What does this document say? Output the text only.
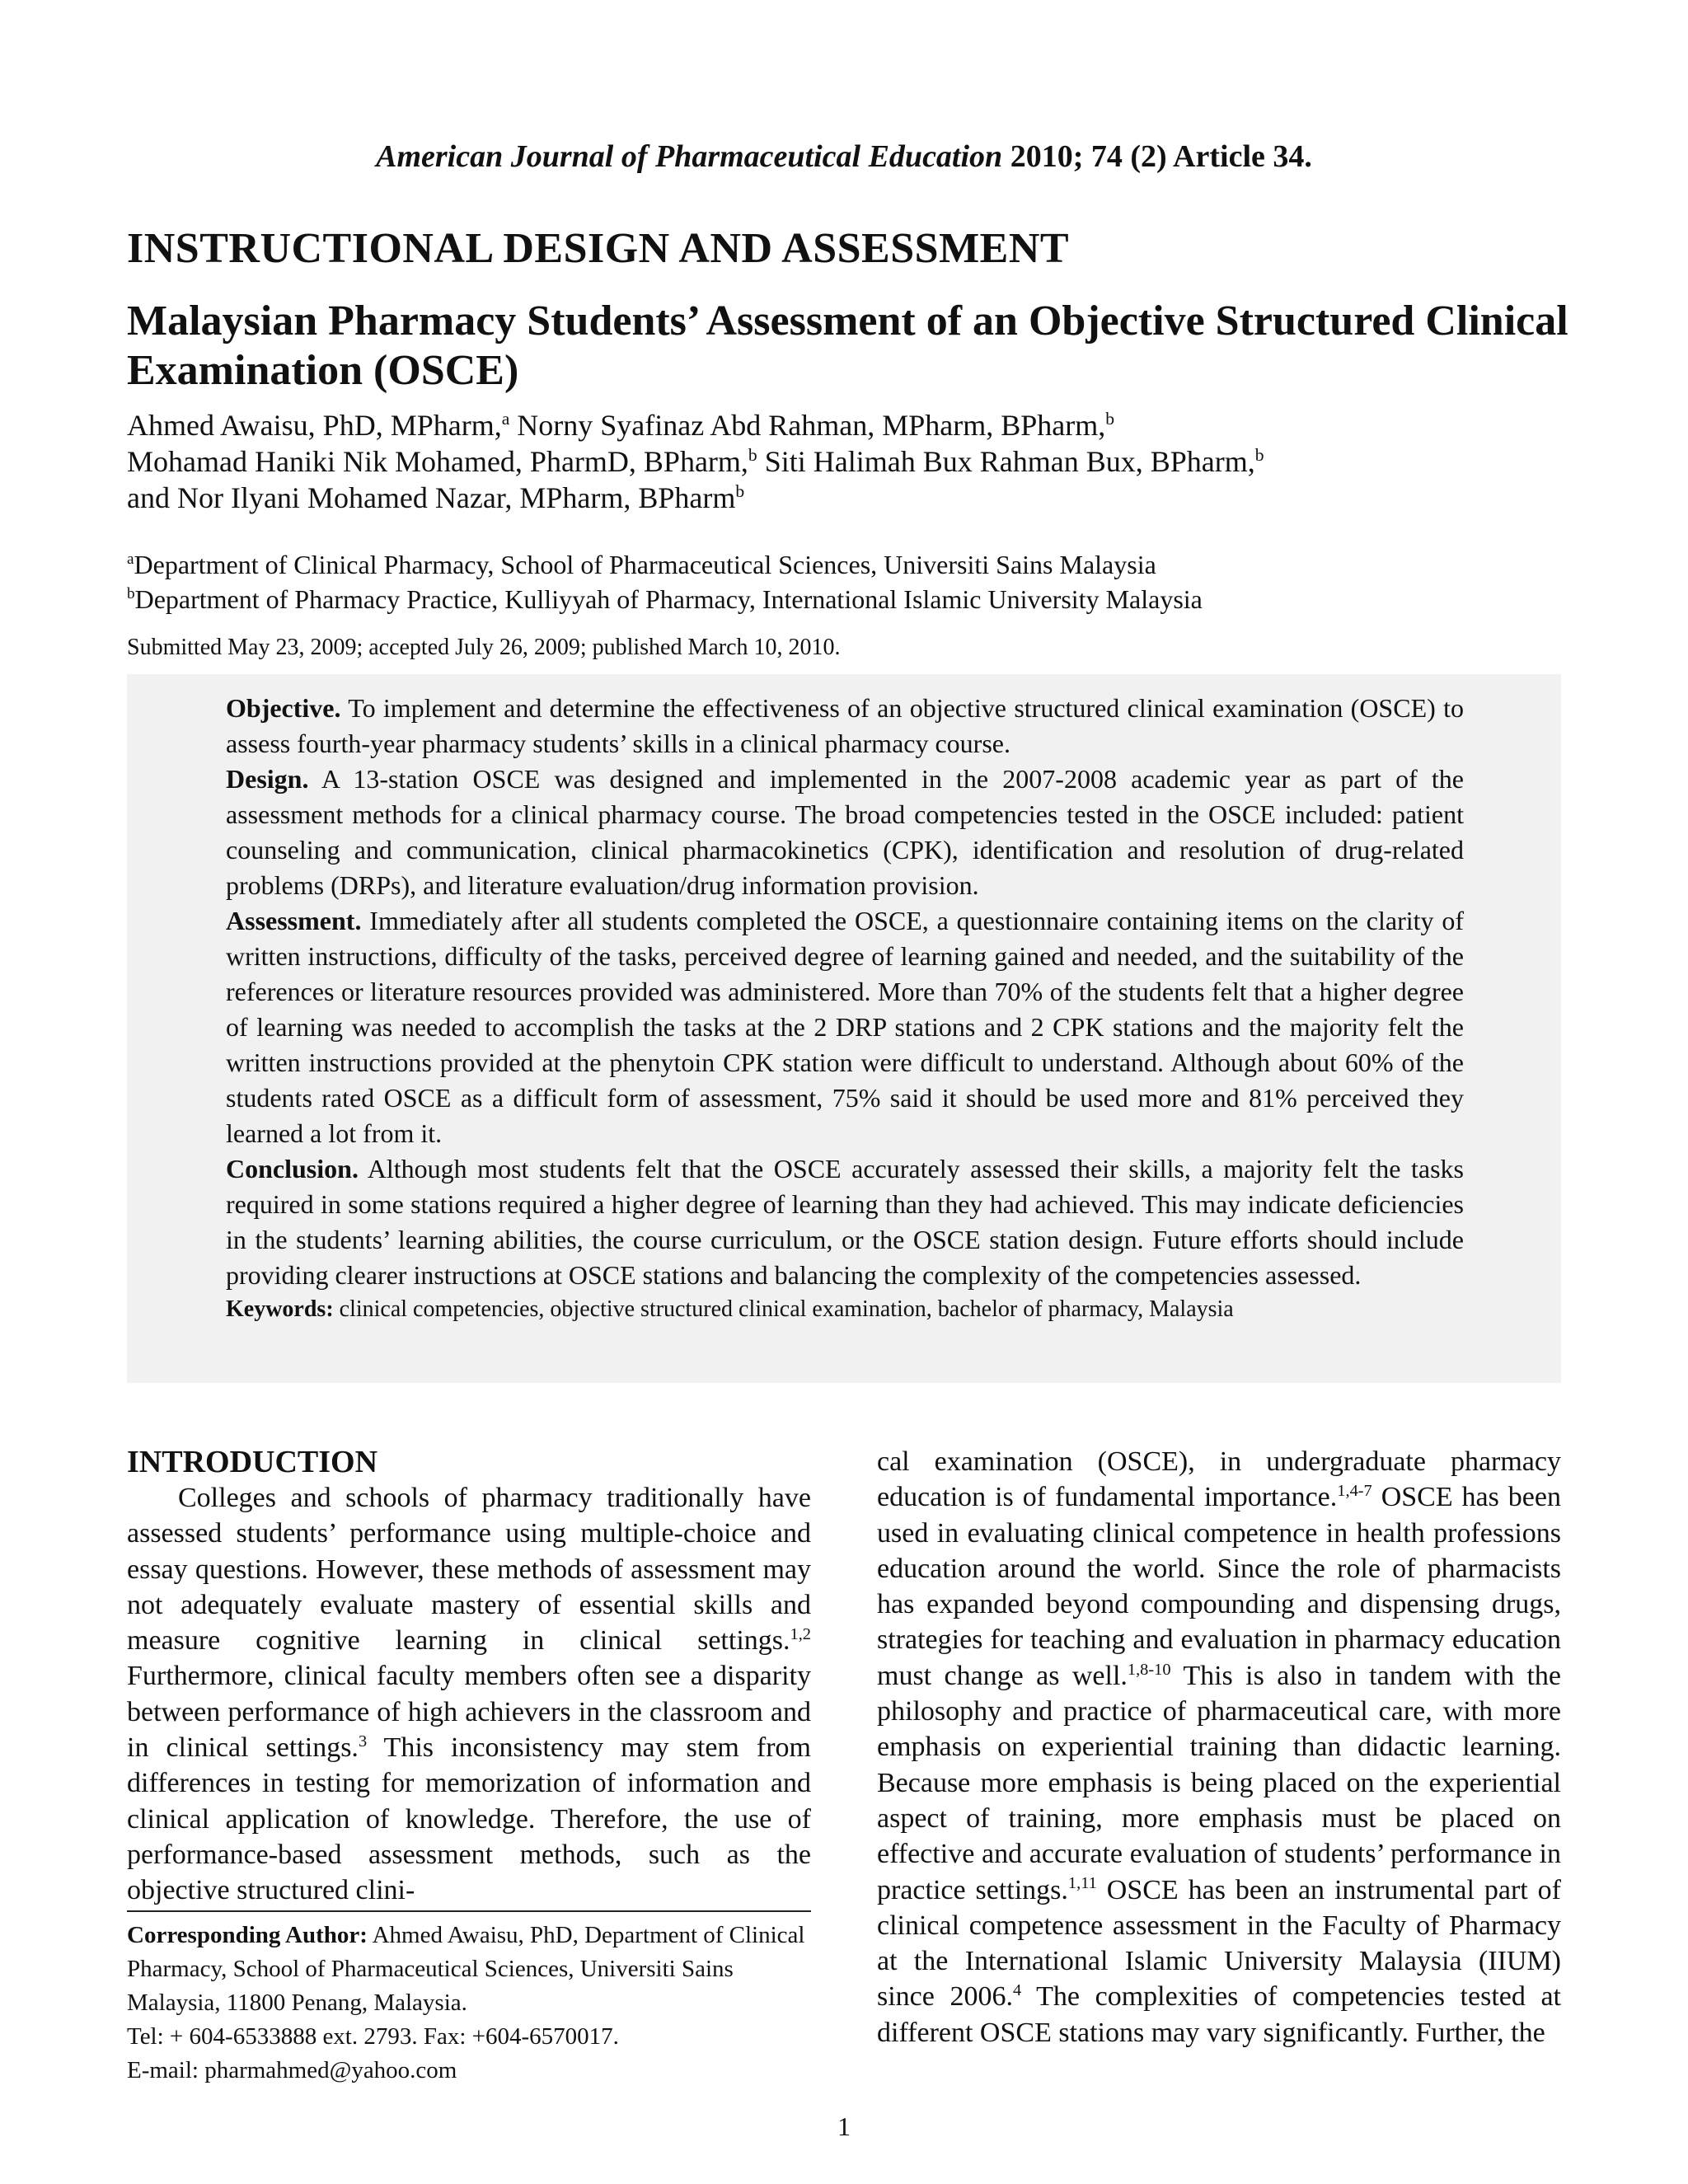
American Journal of Pharmaceutical Education 2010; 74 (2) Article 34.
INSTRUCTIONAL DESIGN AND ASSESSMENT
Malaysian Pharmacy Students’ Assessment of an Objective Structured Clinical Examination (OSCE)
Ahmed Awaisu, PhD, MPharm,$^a$ Norny Syafinaz Abd Rahman, MPharm, BPharm,$^b$
Mohamad Haniki Nik Mohamed, PharmD, BPharm,$^b$ Siti Halimah Bux Rahman Bux, BPharm,$^b$
and Nor Ilyani Mohamed Nazar, MPharm, BPharm$^b$
$^a$Department of Clinical Pharmacy, School of Pharmaceutical Sciences, Universiti Sains Malaysia
$^b$Department of Pharmacy Practice, Kulliyyah of Pharmacy, International Islamic University Malaysia
Submitted May 23, 2009; accepted July 26, 2009; published March 10, 2010.

Objective. To implement and determine the effectiveness of an objective structured clinical examination (OSCE) to assess fourth-year pharmacy students’ skills in a clinical pharmacy course.

Design. A 13-station OSCE was designed and implemented in the 2007-2008 academic year as part of the assessment methods for a clinical pharmacy course. The broad competencies tested in the OSCE included: patient counseling and communication, clinical pharmacokinetics (CPK), identification and resolution of drug-related problems (DRPs), and literature evaluation/drug information provision.

Assessment. Immediately after all students completed the OSCE, a questionnaire containing items on the clarity of written instructions, difficulty of the tasks, perceived degree of learning gained and needed, and the suitability of the references or literature resources provided was administered. More than 70% of the students felt that a higher degree of learning was needed to accomplish the tasks at the 2 DRP stations and 2 CPK stations and the majority felt the written instructions provided at the phenytoin CPK station were difficult to understand. Although about 60% of the students rated OSCE as a difficult form of assessment, 75% said it should be used more and 81% perceived they learned a lot from it.

Conclusion. Although most students felt that the OSCE accurately assessed their skills, a majority felt the tasks required in some stations required a higher degree of learning than they had achieved. This may indicate deficiencies in the students’ learning abilities, the course curriculum, or the OSCE station design. Future efforts should include providing clearer instructions at OSCE stations and balancing the complexity of the competencies assessed.

Keywords: clinical competencies, objective structured clinical examination, bachelor of pharmacy, Malaysia

INTRODUCTION

Colleges and schools of pharmacy traditionally have assessed students’ performance using multiple-choice and essay questions. However, these methods of assessment may not adequately evaluate mastery of essential skills and measure cognitive learning in clinical settings.$^{1,2}$ Furthermore, clinical faculty members often see a disparity between performance of high achievers in the classroom and in clinical settings.$^3$ This inconsistency may stem from differences in testing for memorization of information and clinical application of knowledge. Therefore, the use of performance-based assessment methods, such as the objective structured clini-

Corresponding Author: Ahmed Awaisu, PhD, Department of Clinical Pharmacy, School of Pharmaceutical Sciences, Universiti Sains Malaysia, 11800 Penang, Malaysia.
Tel: + 604-6533888 ext. 2793. Fax: +604-6570017.
E-mail: pharmahmed@yahoo.com

cal examination (OSCE), in undergraduate pharmacy education is of fundamental importance.$^{1,4-7}$ OSCE has been used in evaluating clinical competence in health professions education around the world. Since the role of pharmacists has expanded beyond compounding and dispensing drugs, strategies for teaching and evaluation in pharmacy education must change as well.$^{1,8-10}$ This is also in tandem with the philosophy and practice of pharmaceutical care, with more emphasis on experiential training than didactic learning. Because more emphasis is being placed on the experiential aspect of training, more emphasis must be placed on effective and accurate evaluation of students’ performance in practice settings.$^{1,11}$ OSCE has been an instrumental part of clinical competence assessment in the Faculty of Pharmacy at the International Islamic University Malaysia (IIUM) since 2006.$^4$ The complexities of competencies tested at different OSCE stations may vary significantly. Further, the

1
